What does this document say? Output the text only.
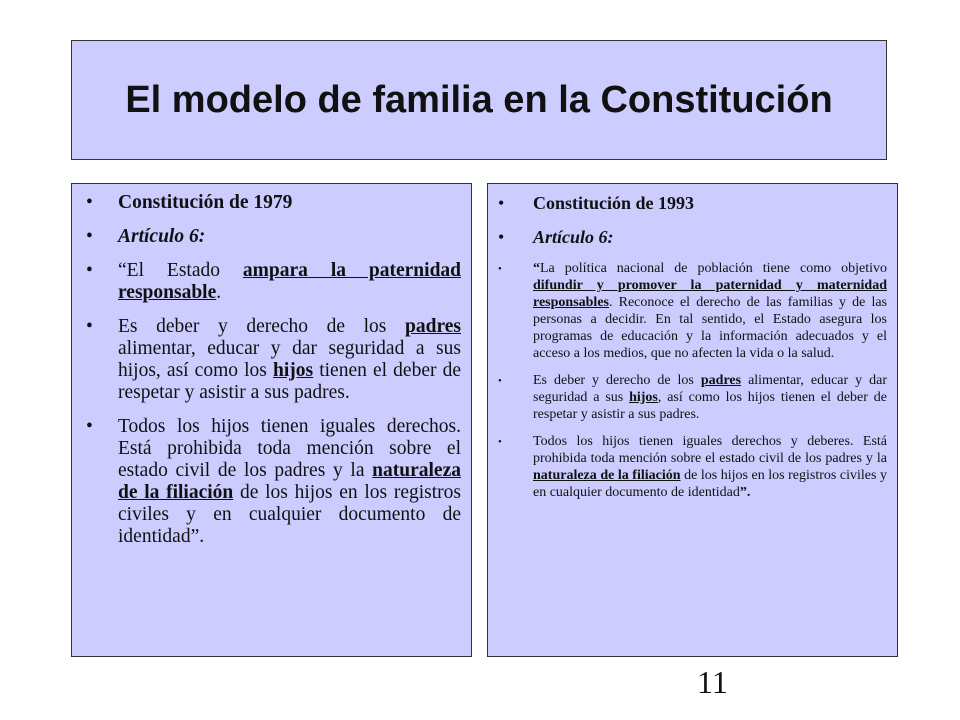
El modelo de familia en la Constitución
• Constitución de 1979
• Artículo 6:
• “El Estado ampara la paternidad responsable.
• Es deber y derecho de los padres alimentar, educar y dar seguridad a sus hijos, así como los hijos tienen el deber de respetar y asistir a sus padres.
• Todos los hijos tienen iguales derechos. Está prohibida toda mención sobre el estado civil de los padres y la naturaleza de la filiación de los hijos en los registros civiles y en cualquier documento de identidad”.
• Constitución de 1993
• Artículo 6:
• “La política nacional de población tiene como objetivo difundir y promover la paternidad y maternidad responsables. Reconoce el derecho de las familias y de las personas a decidir. En tal sentido, el Estado asegura los programas de educación y la información adecuados y el acceso a los medios, que no afecten la vida o la salud.
• Es deber y derecho de los padres alimentar, educar y dar seguridad a sus hijos, así como los hijos tienen el deber de respetar y asistir a sus padres.
• Todos los hijos tienen iguales derechos y deberes. Está prohibida toda mención sobre el estado civil de los padres y la naturaleza de la filiación de los hijos en los registros civiles y en cualquier documento de identidad”.
11
